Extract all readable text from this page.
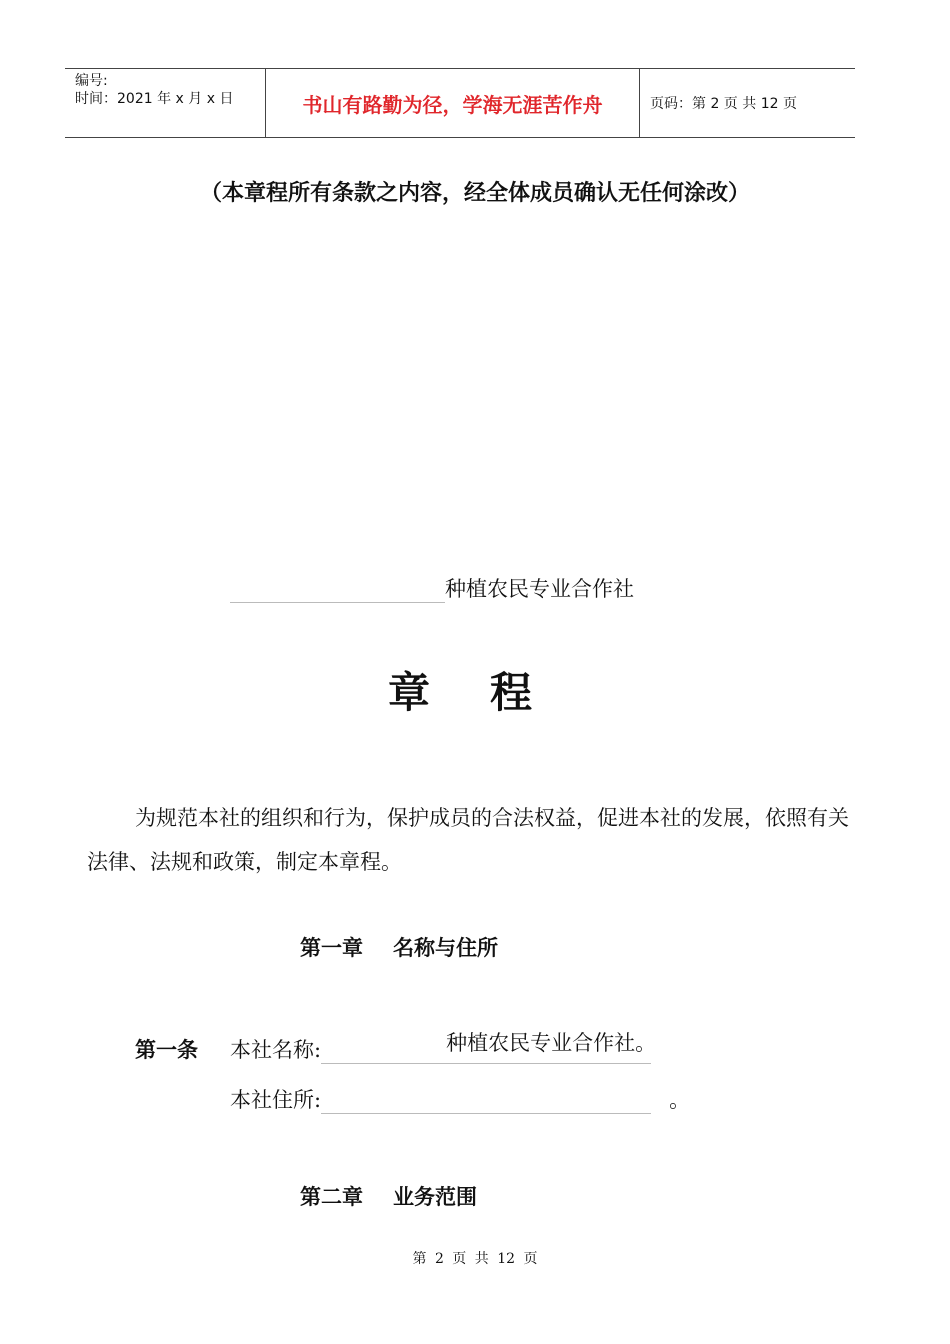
编号:
时间：2021 年 x 月 x 日	书山有路勤为径，学海无涯苦作舟	页码：第 2 页 共 12 页
（本章程所有条款之内容，经全体成员确认无任何涂改）
种植农民专业合作社
章程
为规范本社的组织和行为，保护成员的合法权益，促进本社的发展，依照有关法律、法规和政策，制定本章程。
第一章 名称与住所
第一条	本社名称:	种植农民专业合作社。
本社住所:	。
第二章 业务范围
第 2 页 共 12 页
